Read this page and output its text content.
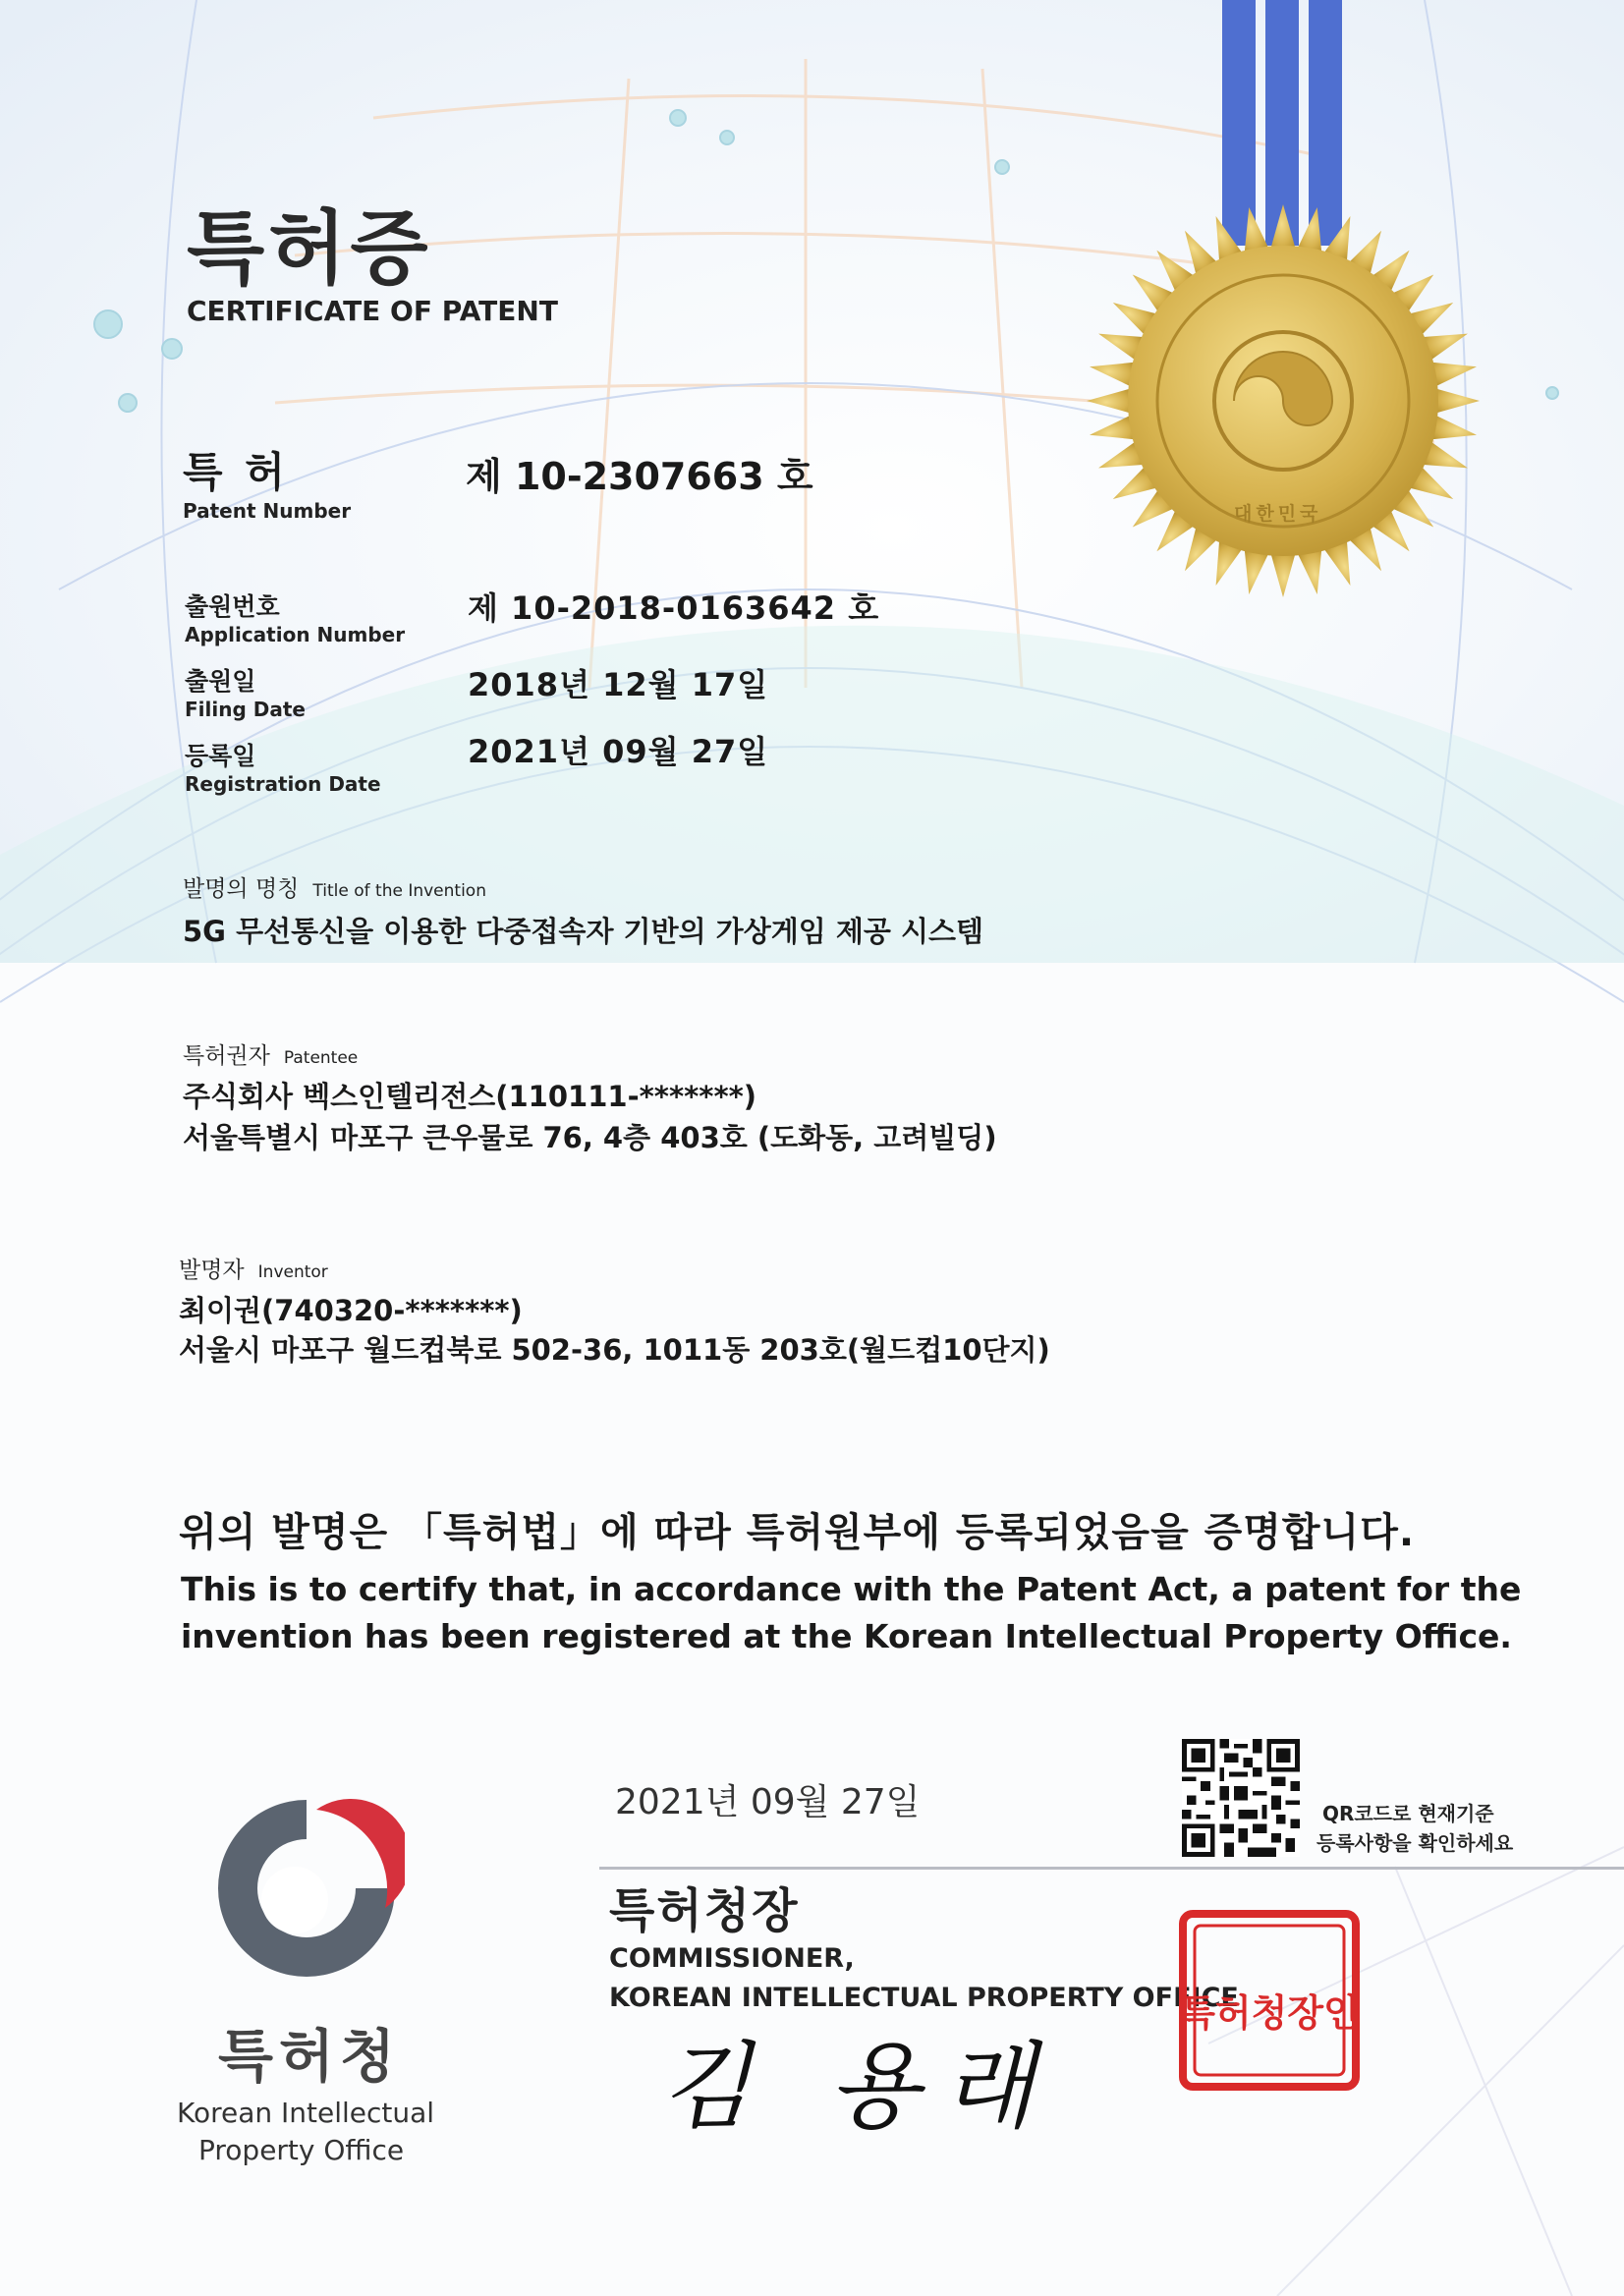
대한민국
특허증
CERTIFICATE OF PATENT
특 허
Patent Number
제 10-2307663 호
출원번호
Application Number
제 10-2018-0163642 호
출원일
Filing Date
2018년 12월 17일
등록일
Registration Date
2021년 09월 27일
발명의 명칭 Title of the Invention
5G 무선통신을 이용한 다중접속자 기반의 가상게임 제공 시스템
특허권자 Patentee
주식회사 벡스인텔리전스(110111-*******)
서울특별시 마포구 큰우물로 76, 4층 403호 (도화동, 고려빌딩)
발명자 Inventor
최이권(740320-*******)
서울시 마포구 월드컵북로 502-36, 1011동 203호(월드컵10단지)
위의 발명은 「특허법」에 따라 특허원부에 등록되었음을 증명합니다.
This is to certify that, in accordance with the Patent Act, a patent for the
invention has been registered at the Korean Intellectual Property Office.
2021년 09월 27일	QR코드로 현재기준
등록사항을 확인하세요
특허청장
COMMISSIONER,
KOREAN INTELLECTUAL PROPERTY OFFICE
김 용래
특허청장인
특허청
Korean Intellectual
Property Office
